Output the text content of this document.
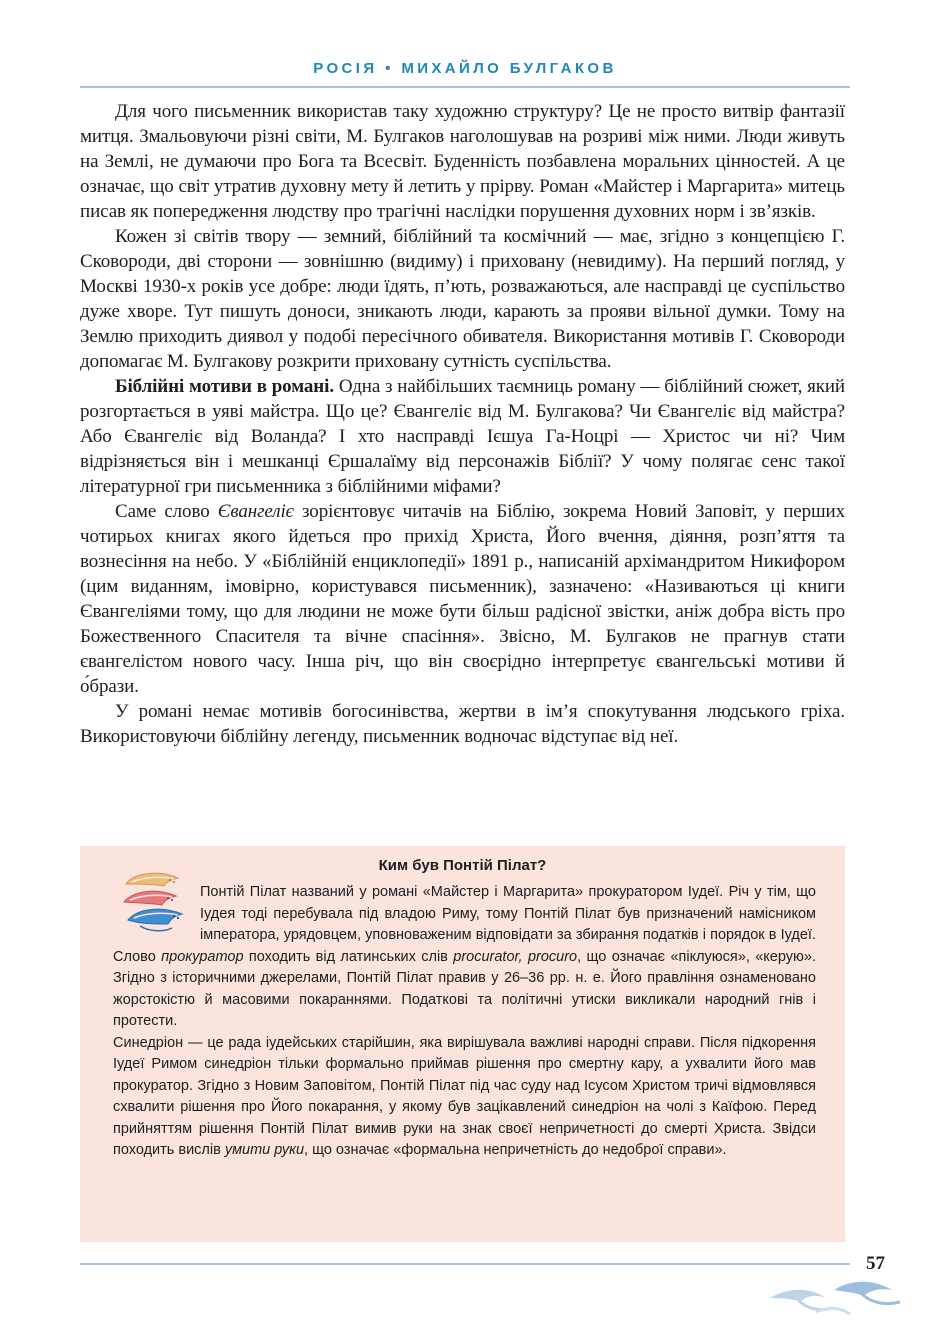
РОСІЯ • МИХАЙЛО БУЛГАКОВ

Для чого письменник використав таку художню структуру? Це не просто витвір фантазії митця. Змальовуючи різні світи, М. Булгаков наголошував на розриві між ними. Люди живуть на Землі, не думаючи про Бога та Всесвіт. Буденність позбавлена моральних цінностей. А це означає, що світ утратив духовну мету й летить у прірву. Роман «Майстер і Маргарита» митець писав як попередження людству про трагічні наслідки порушення духовних норм і зв’язків.

Кожен зі світів твору — земний, біблійний та космічний — має, згідно з концепцією Г. Сковороди, дві сторони — зовнішню (видиму) і приховану (невидиму). На перший погляд, у Москві 1930-х років усе добре: люди їдять, п’ють, розважаються, але насправді це суспільство дуже хворе. Тут пишуть доноси, зникають люди, карають за прояви вільної думки. Тому на Землю приходить диявол у подобі пересічного обивателя. Використання мотивів Г. Сковороди допомагає М. Булгакову розкрити приховану сутність суспільства.

Біблійні мотиви в романі. Одна з найбільших таємниць роману — біблійний сюжет, який розгортається в уяві майстра. Що це? Євангеліє від М. Булгакова? Чи Євангеліє від майстра? Або Євангеліє від Воланда? І хто насправді Ієшуа Га-Ноцрі — Христос чи ні? Чим відрізняється він і мешканці Єршалаїму від персонажів Біблії? У чому полягає сенс такої літературної гри письменника з біблійними міфами?

Саме слово Євангеліє зорієнтовує читачів на Біблію, зокрема Новий Заповіт, у перших чотирьох книгах якого йдеться про прихід Христа, Його вчення, діяння, розп’яття та вознесіння на небо. У «Біблійній енциклопедії» 1891 р., написаній архімандритом Никифором (цим виданням, імовірно, користувався письменник), зазначено: «Називаються ці книги Євангеліями тому, що для людини не може бути більш радісної звістки, аніж добра вість про Божественного Спасителя та вічне спасіння». Звісно, М. Булгаков не прагнув стати євангелістом нового часу. Інша річ, що він своєрідно інтерпретує євангельські мотиви й о́брази.

У романі немає мотивів богосинівства, жертви в ім’я спокутування людського гріха. Використовуючи біблійну легенду, письменник водночас відступає від неї.

Ким був Понтій Пілат?

Понтій Пілат названий у романі «Майстер і Маргарита» прокуратором Іудеї. Річ у тім, що Іудея тоді перебувала під владою Риму, тому Понтій Пілат був призначений намісником імператора, урядовцем, уповноваженим відповідати за збирання податків і порядок в Іудеї. Слово прокуратор походить від латинських слів procurator, procuro, що означає «піклуюся», «керую». Згідно з історичними джерелами, Понтій Пілат правив у 26–36 рр. н. е. Його правління ознаменовано жорстокістю й масовими покараннями. Податкові та політичні утиски викликали народний гнів і протести.

Синедріон — це рада іудейських старійшин, яка вирішувала важливі народні справи. Після підкорення Іудеї Римом синедріон тільки формально приймав рішення про смертну кару, а ухвалити його мав прокуратор. Згідно з Новим Заповітом, Понтій Пілат під час суду над Ісусом Христом тричі відмовлявся схвалити рішення про Його покарання, у якому був зацікавлений синедріон на чолі з Каїфою. Перед прийняттям рішення Понтій Пілат вимив руки на знак своєї непричетності до смерті Христа. Звідси походить вислів умити руки, що означає «формальна непричетність до недоброї справи».

57
